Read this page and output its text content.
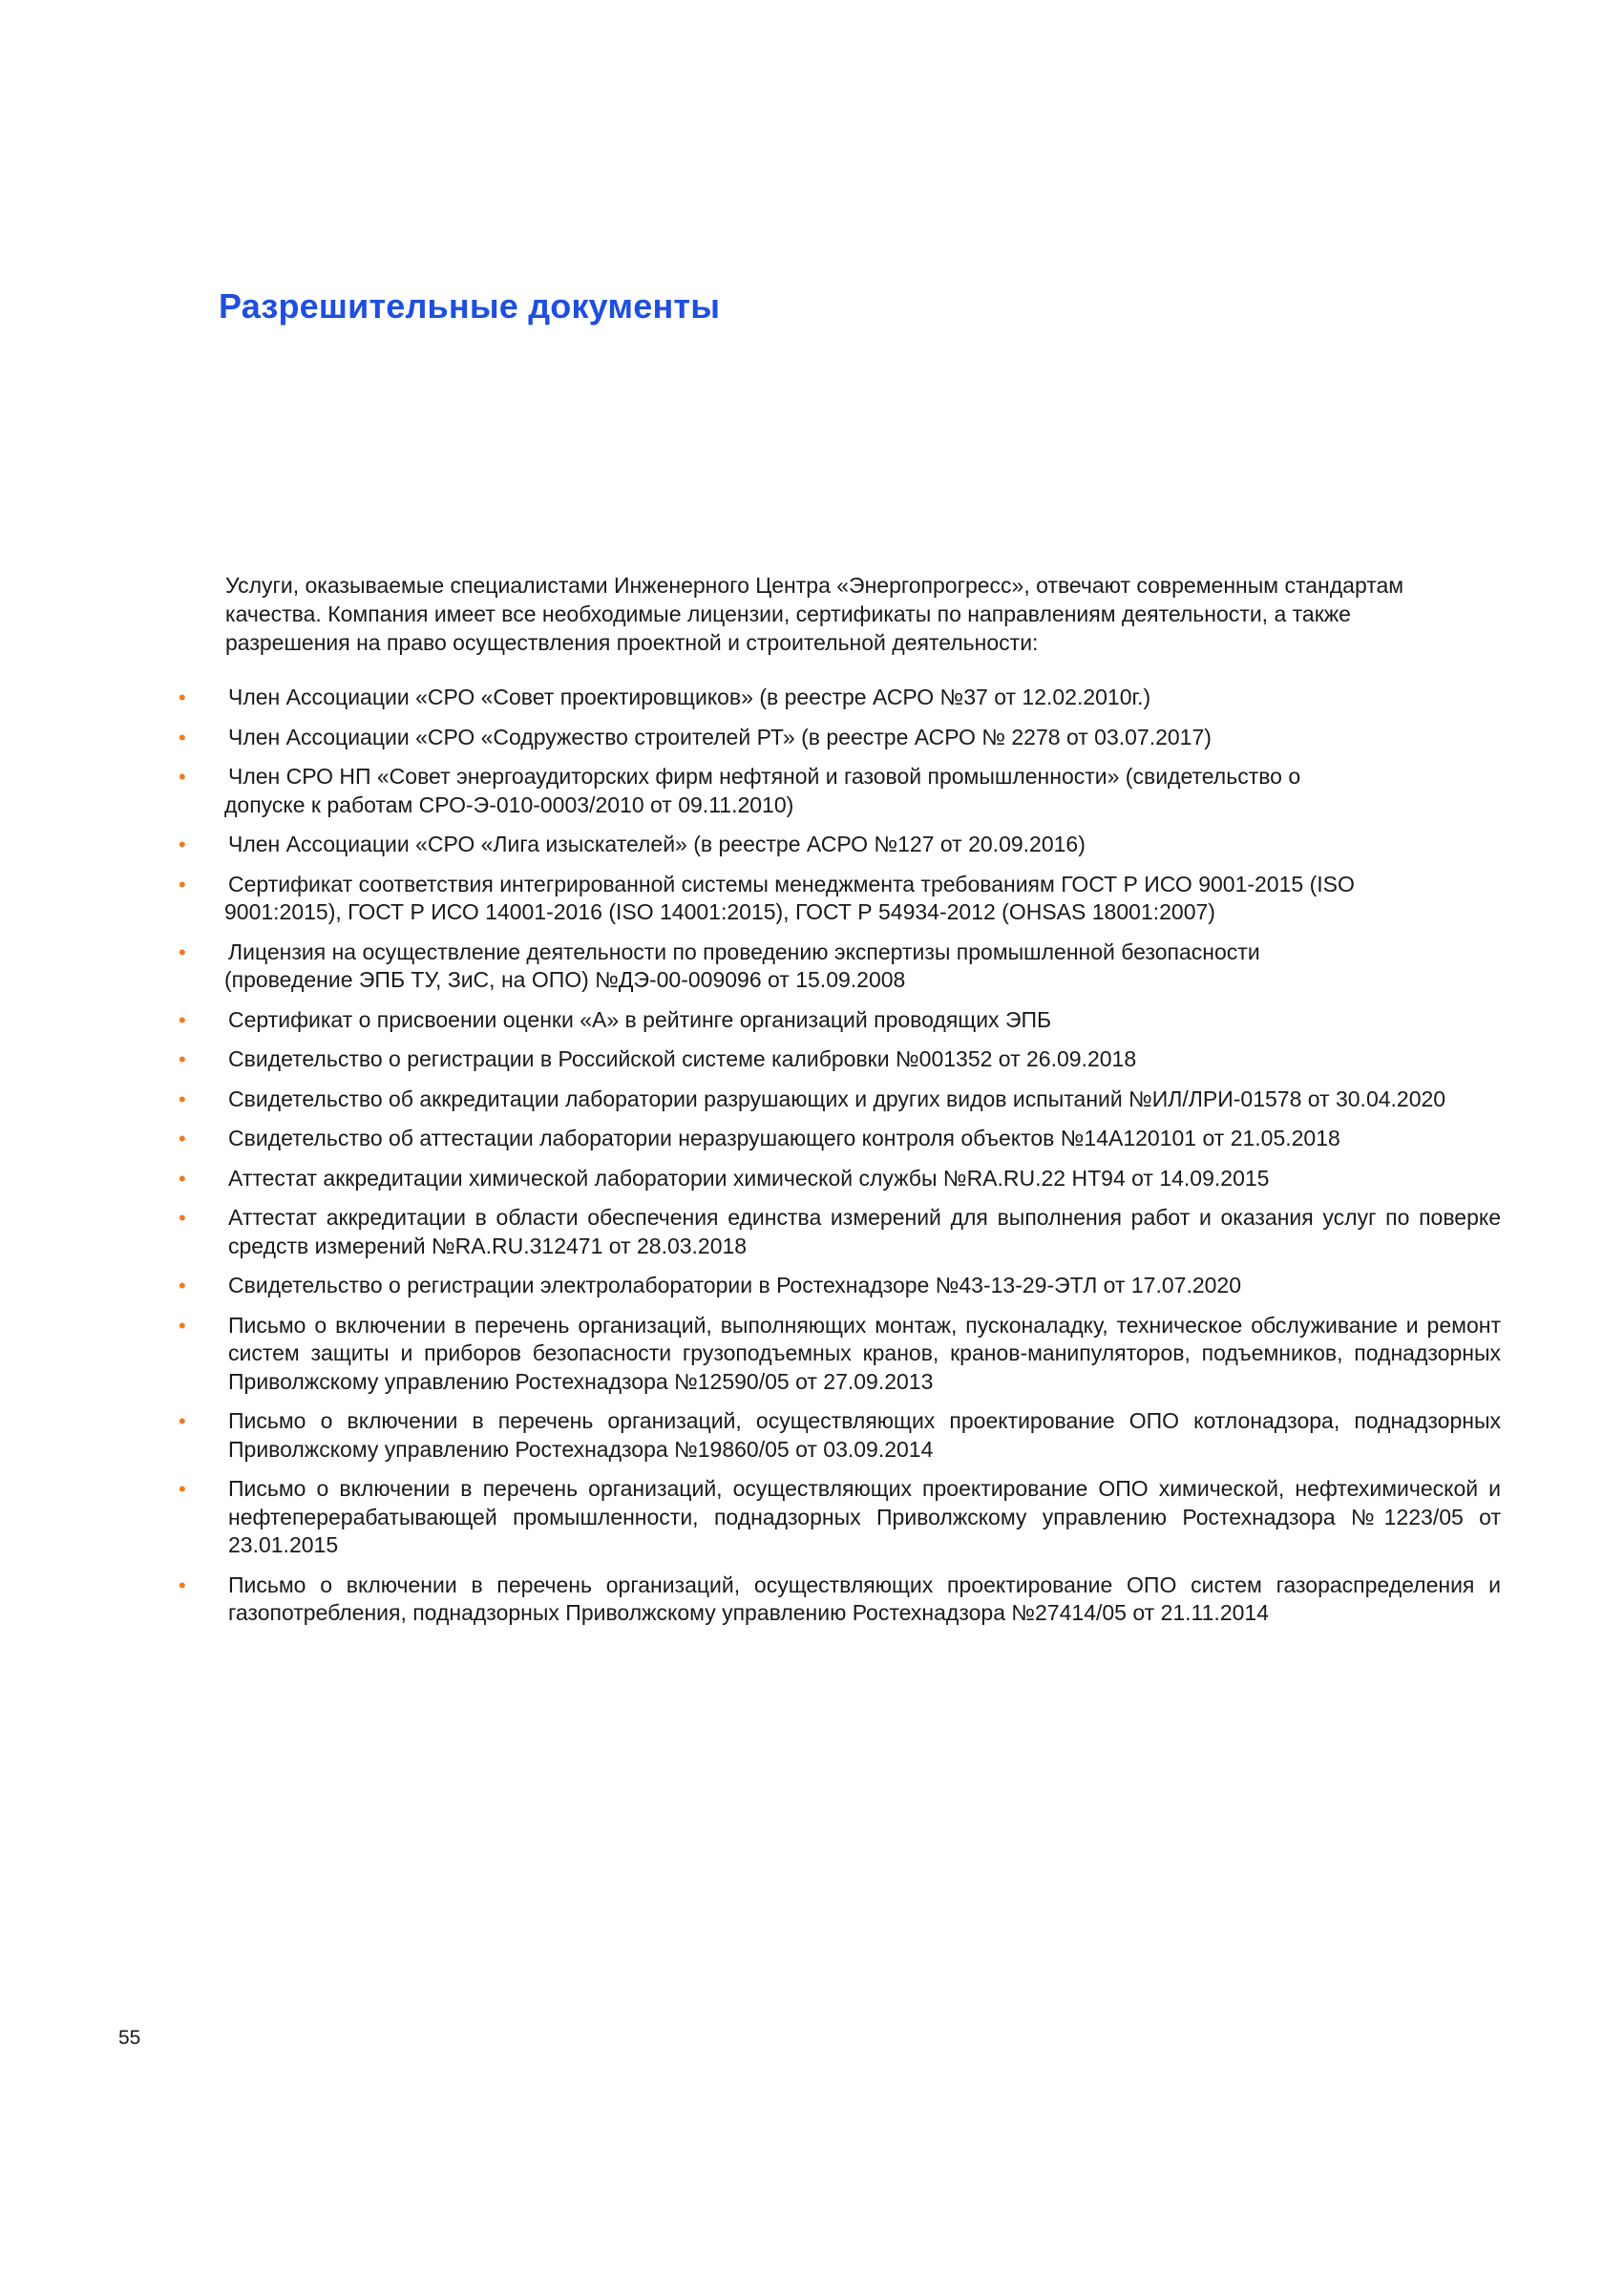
Разрешительные документы

Услуги, оказываемые специалистами Инженерного Центра «Энергопрогресс», отвечают современным стандартам качества. Компания имеет все необходимые лицензии, сертификаты по направлениям деятельности, а также разрешения на право осуществления проектной и строительной деятельности:

•	Член Ассоциации «СРО «Совет проектировщиков» (в реестре АСРО №37 от 12.02.2010г.)
•	Член Ассоциации «СРО «Содружество строителей РТ» (в реестре АСРО № 2278 от 03.07.2017)
•	Член СРО НП «Совет энергоаудиторских фирм нефтяной и газовой промышленности» (свидетельство о допуске к работам СРО-Э-010-0003/2010 от 09.11.2010)
•	Член Ассоциации «СРО «Лига изыскателей» (в реестре АСРО №127 от 20.09.2016)
•	Сертификат соответствия интегрированной системы менеджмента требованиям ГОСТ Р ИСО 9001-2015 (ISO 9001:2015), ГОСТ Р ИСО 14001-2016 (ISO 14001:2015), ГОСТ Р 54934-2012 (OHSAS 18001:2007)
•	Лицензия на осуществление деятельности по проведению экспертизы промышленной безопасности (проведение ЭПБ ТУ, ЗиС, на ОПО) №ДЭ-00-009096 от 15.09.2008
•	Сертификат о присвоении оценки «А» в рейтинге организаций проводящих ЭПБ
•	Свидетельство о регистрации в Российской системе калибровки №001352 от 26.09.2018
•	Свидетельство об аккредитации лаборатории разрушающих и других видов испытаний №ИЛ/ЛРИ-01578 от 30.04.2020
•	Свидетельство об аттестации лаборатории неразрушающего контроля объектов №14А120101 от 21.05.2018
•	Аттестат аккредитации химической лаборатории химической службы №RA.RU.22 НТ94 от 14.09.2015
•	Аттестат аккредитации в области обеспечения единства измерений для выполнения работ и оказания услуг по поверке средств измерений №RA.RU.312471 от 28.03.2018
•	Свидетельство о регистрации электролаборатории в Ростехнадзоре №43-13-29-ЭТЛ от 17.07.2020
•	Письмо о включении в перечень организаций, выполняющих монтаж, пусконаладку, техническое обслуживание и ремонт систем защиты и приборов безопасности грузоподъемных кранов, кранов-манипуляторов, подъемников, поднадзорных Приволжскому управлению Ростехнадзора №12590/05 от 27.09.2013
•	Письмо о включении в перечень организаций, осуществляющих проектирование ОПО котлонадзора, поднадзорных Приволжскому управлению Ростехнадзора №19860/05 от 03.09.2014
•	Письмо о включении в перечень организаций, осуществляющих проектирование ОПО химической, нефтехимической и нефтеперерабатывающей промышленности, поднадзорных Приволжскому управлению Ростехнадзора №1223/05 от 23.01.2015
•	Письмо о включении в перечень организаций, осуществляющих проектирование ОПО систем газораспределения и газопотребления, поднадзорных Приволжскому управлению Ростехнадзора №27414/05 от 21.11.2014
55
